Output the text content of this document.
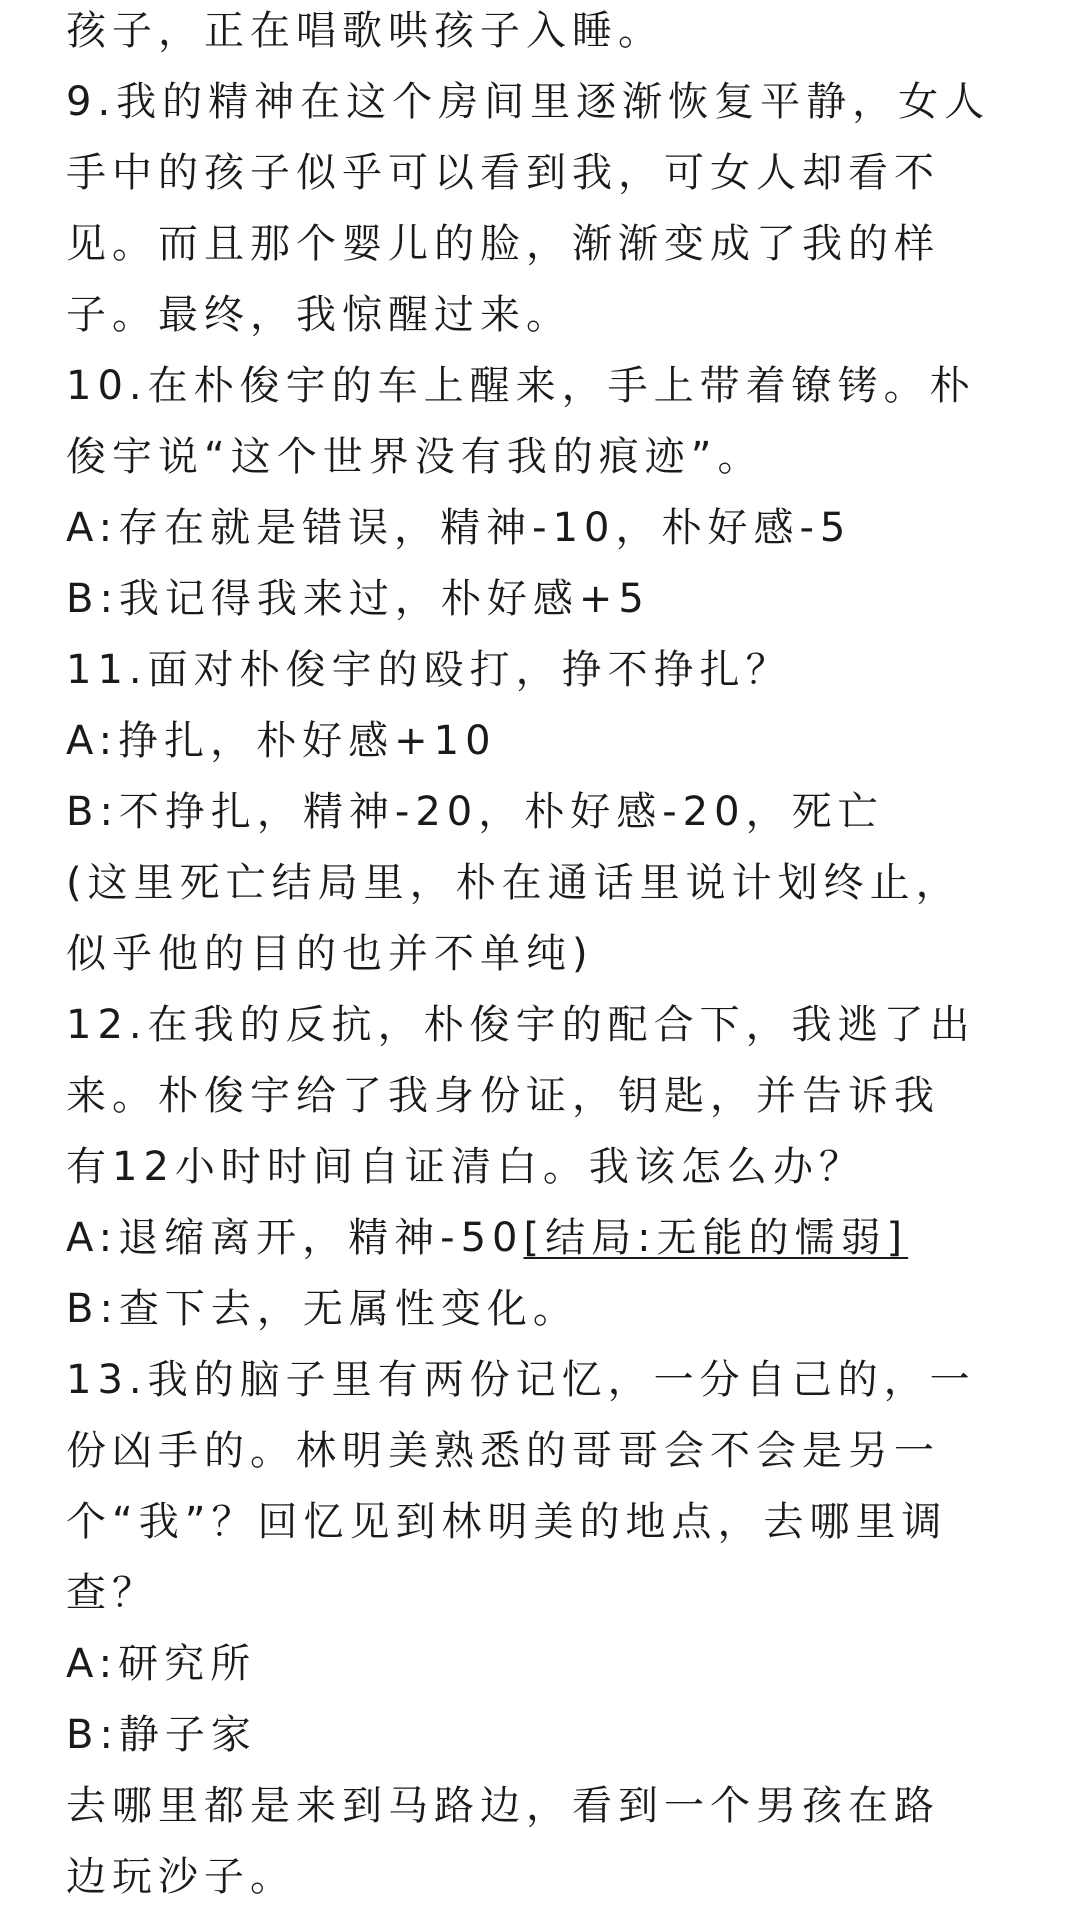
孩子，正在唱歌哄孩子入睡。
9.我的精神在这个房间里逐渐恢复平静，女人
手中的孩子似乎可以看到我，可女人却看不
见。而且那个婴儿的脸，渐渐变成了我的样
子。最终，我惊醒过来。
10.在朴俊宇的车上醒来，手上带着镣铐。朴
俊宇说“这个世界没有我的痕迹”。
A:存在就是错误，精神-10，朴好感-5
B:我记得我来过，朴好感+5
11.面对朴俊宇的殴打，挣不挣扎？
A:挣扎，朴好感+10
B:不挣扎，精神-20，朴好感-20，死亡
(这里死亡结局里，朴在通话里说计划终止，
似乎他的目的也并不单纯)
12.在我的反抗，朴俊宇的配合下，我逃了出
来。朴俊宇给了我身份证，钥匙，并告诉我
有12小时时间自证清白。我该怎么办？
A:退缩离开，精神-50[结局:无能的懦弱]
B:查下去，无属性变化。
13.我的脑子里有两份记忆，一分自己的，一
份凶手的。林明美熟悉的哥哥会不会是另一
个“我”？回忆见到林明美的地点，去哪里调
查？
A:研究所
B:静子家
去哪里都是来到马路边，看到一个男孩在路
边玩沙子。
